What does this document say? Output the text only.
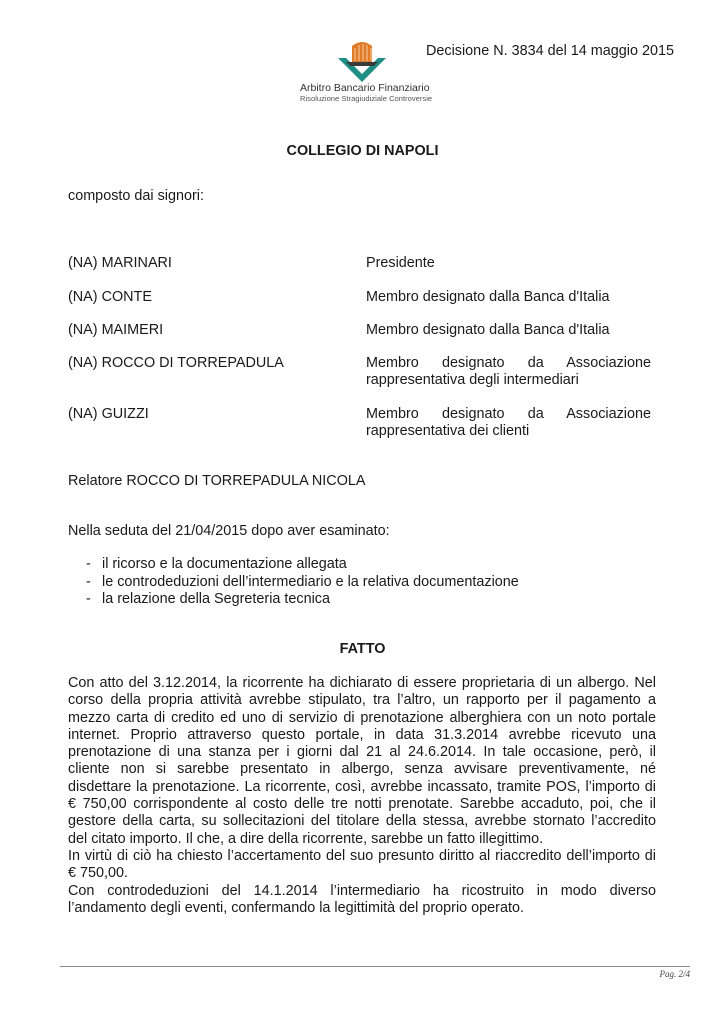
Arbitro Bancario Finanziario
Risoluzione Stragiudiziale Controversie
Decisione N. 3834 del 14 maggio 2015
COLLEGIO DI NAPOLI
composto dai signori:
(NA) MARINARI	Presidente
(NA) CONTE	Membro designato dalla Banca d'Italia
(NA) MAIMERI	Membro designato dalla Banca d'Italia
(NA) ROCCO DI TORREPADULA	Membro designato da Associazione
rappresentativa degli intermediari
(NA) GUIZZI	Membro designato da Associazione
rappresentativa dei clienti
Relatore ROCCO DI TORREPADULA NICOLA
Nella seduta del 21/04/2015 dopo aver esaminato:
- il ricorso e la documentazione allegata
- le controdeduzioni dell’intermediario e la relativa documentazione
- la relazione della Segreteria tecnica
FATTO
Con atto del 3.12.2014, la ricorrente ha dichiarato di essere proprietaria di un albergo. Nel
corso della propria attività avrebbe stipulato, tra l’altro, un rapporto per il pagamento a
mezzo carta di credito ed uno di servizio di prenotazione alberghiera con un noto portale
internet. Proprio attraverso questo portale, in data 31.3.2014 avrebbe ricevuto una
prenotazione di una stanza per i giorni dal 21 al 24.6.2014. In tale occasione, però, il
cliente non si sarebbe presentato in albergo, senza avvisare preventivamente, né
disdettare la prenotazione. La ricorrente, così, avrebbe incassato, tramite POS, l’importo di
€ 750,00 corrispondente al costo delle tre notti prenotate. Sarebbe accaduto, poi, che il
gestore della carta, su sollecitazioni del titolare della stessa, avrebbe stornato l’accredito
del citato importo. Il che, a dire della ricorrente, sarebbe un fatto illegittimo.
In virtù di ciò ha chiesto l’accertamento del suo presunto diritto al riaccredito dell’importo di
€ 750,00.
Con controdeduzioni del 14.1.2014 l’intermediario ha ricostruito in modo diverso
l’andamento degli eventi, confermando la legittimità del proprio operato.
Pag. 2/4
